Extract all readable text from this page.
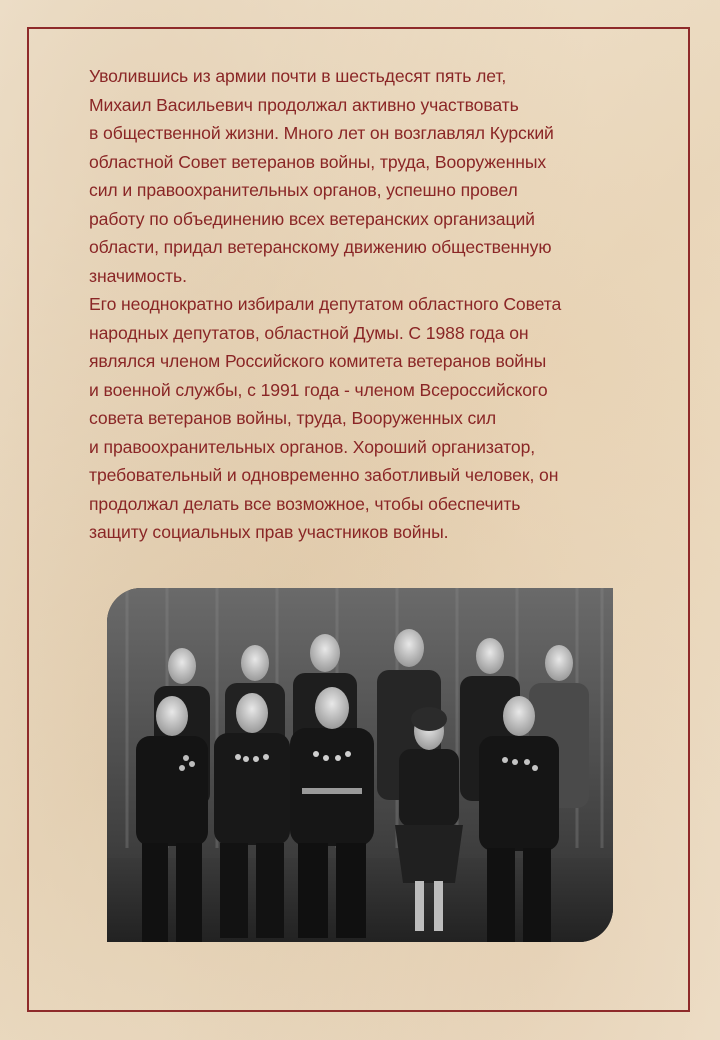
Уволившись из армии почти в шестьдесят пять лет,
Михаил Васильевич продолжал активно участвовать
в общественной жизни. Много лет он возглавлял Курский
областной Совет ветеранов войны, труда, Вооруженных
сил и правоохранительных органов, успешно провел
работу по объединению всех ветеранских организаций
области, придал ветеранскому движению общественную
значимость.
Его неоднократно избирали депутатом областного Совета
народных депутатов, областной Думы. С 1988 года он
являлся членом Российского комитета ветеранов войны
и военной службы, с 1991 года - членом Всероссийского
совета ветеранов войны, труда, Вооруженных сил
и правоохранительных органов. Хороший организатор,
требовательный и одновременно заботливый человек, он
продолжал делать все возможное, чтобы обеспечить
защиту социальных прав участников войны.
